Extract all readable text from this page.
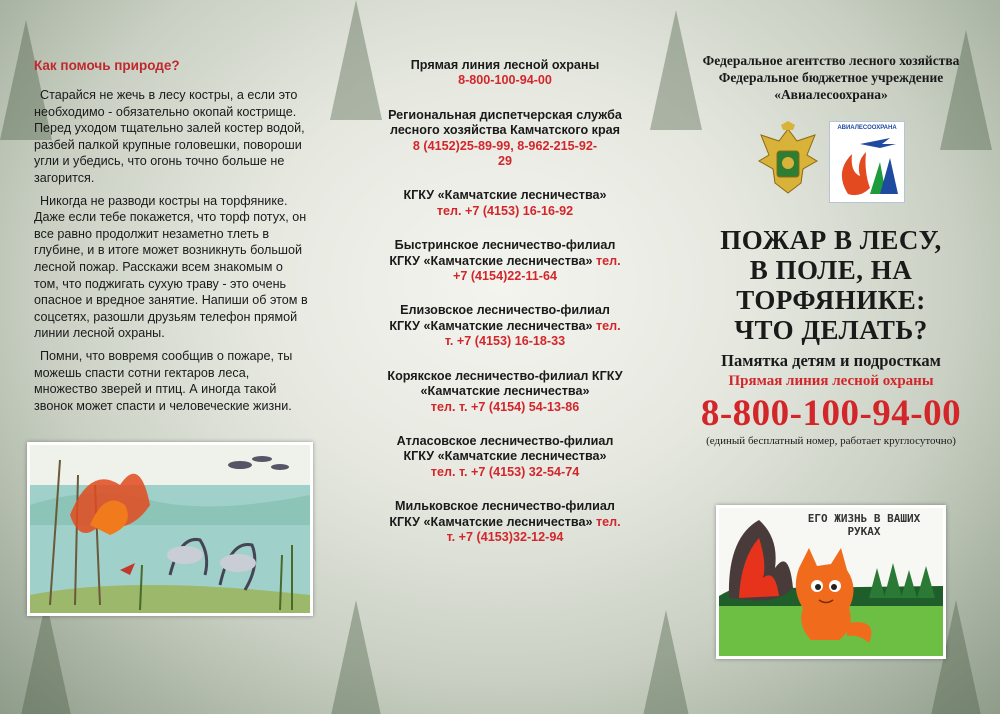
Как помочь природе?

Старайся не жечь в лесу костры, а если это необходимо - обязательно окопай кострище. Перед уходом тщательно залей костер водой, разбей палкой крупные головешки, повороши угли и убедись, что огонь точно больше не загорится.

Никогда не разводи костры на торфянике. Даже если тебе покажется, что торф потух, он все равно продолжит незаметно тлеть в глубине, и в итоге может возникнуть большой лесной пожар. Расскажи всем знакомым о том, что поджигать сухую траву - это очень опасное и вредное занятие. Напиши об этом в соцсетях, разошли друзьям телефон прямой линии лесной охраны.

Помни, что вовремя сообщив о пожаре, ты можешь спасти сотни гектаров леса, множество зверей и птиц. А иногда такой звонок может спасти и человеческие жизни.

Прямая линия лесной охраны
8-800-100-94-00
Региональная диспетчерская служба лесного хозяйства Камчатского края
8 (4152)25-89-99, 8-962-215-92-29
КГКУ «Камчатские лесничества»
тел. +7 (4153) 16-16-92
Быстринское лесничество-филиал КГКУ «Камчатские лесничества» тел. +7 (4154)22-11-64
Елизовское лесничество-филиал КГКУ «Камчатские лесничества» тел. т. +7 (4153) 16-18-33
Корякское лесничество-филиал КГКУ «Камчатские лесничества»
тел. т. +7 (4154) 54-13-86
Атласовское лесничество-филиал КГКУ «Камчатские лесничества»
тел. т. +7 (4153) 32-54-74
Мильковское лесничество-филиал КГКУ «Камчатские лесничества» тел. т. +7 (4153)32-12-94
Федеральное агентство лесного хозяйства
Федеральное бюджетное учреждение «Авиалесоохрана»
АВИАЛЕСООХРАНА
ПОЖАР В ЛЕСУ,
В ПОЛЕ, НА
ТОРФЯНИКЕ:
ЧТО ДЕЛАТЬ?
Памятка детям и подросткам
Прямая линия лесной охраны
8-800-100-94-00
(единый бесплатный номер, работает круглосуточно)
ЕГО ЖИЗНЬ В ВАШИХ РУКАХ
